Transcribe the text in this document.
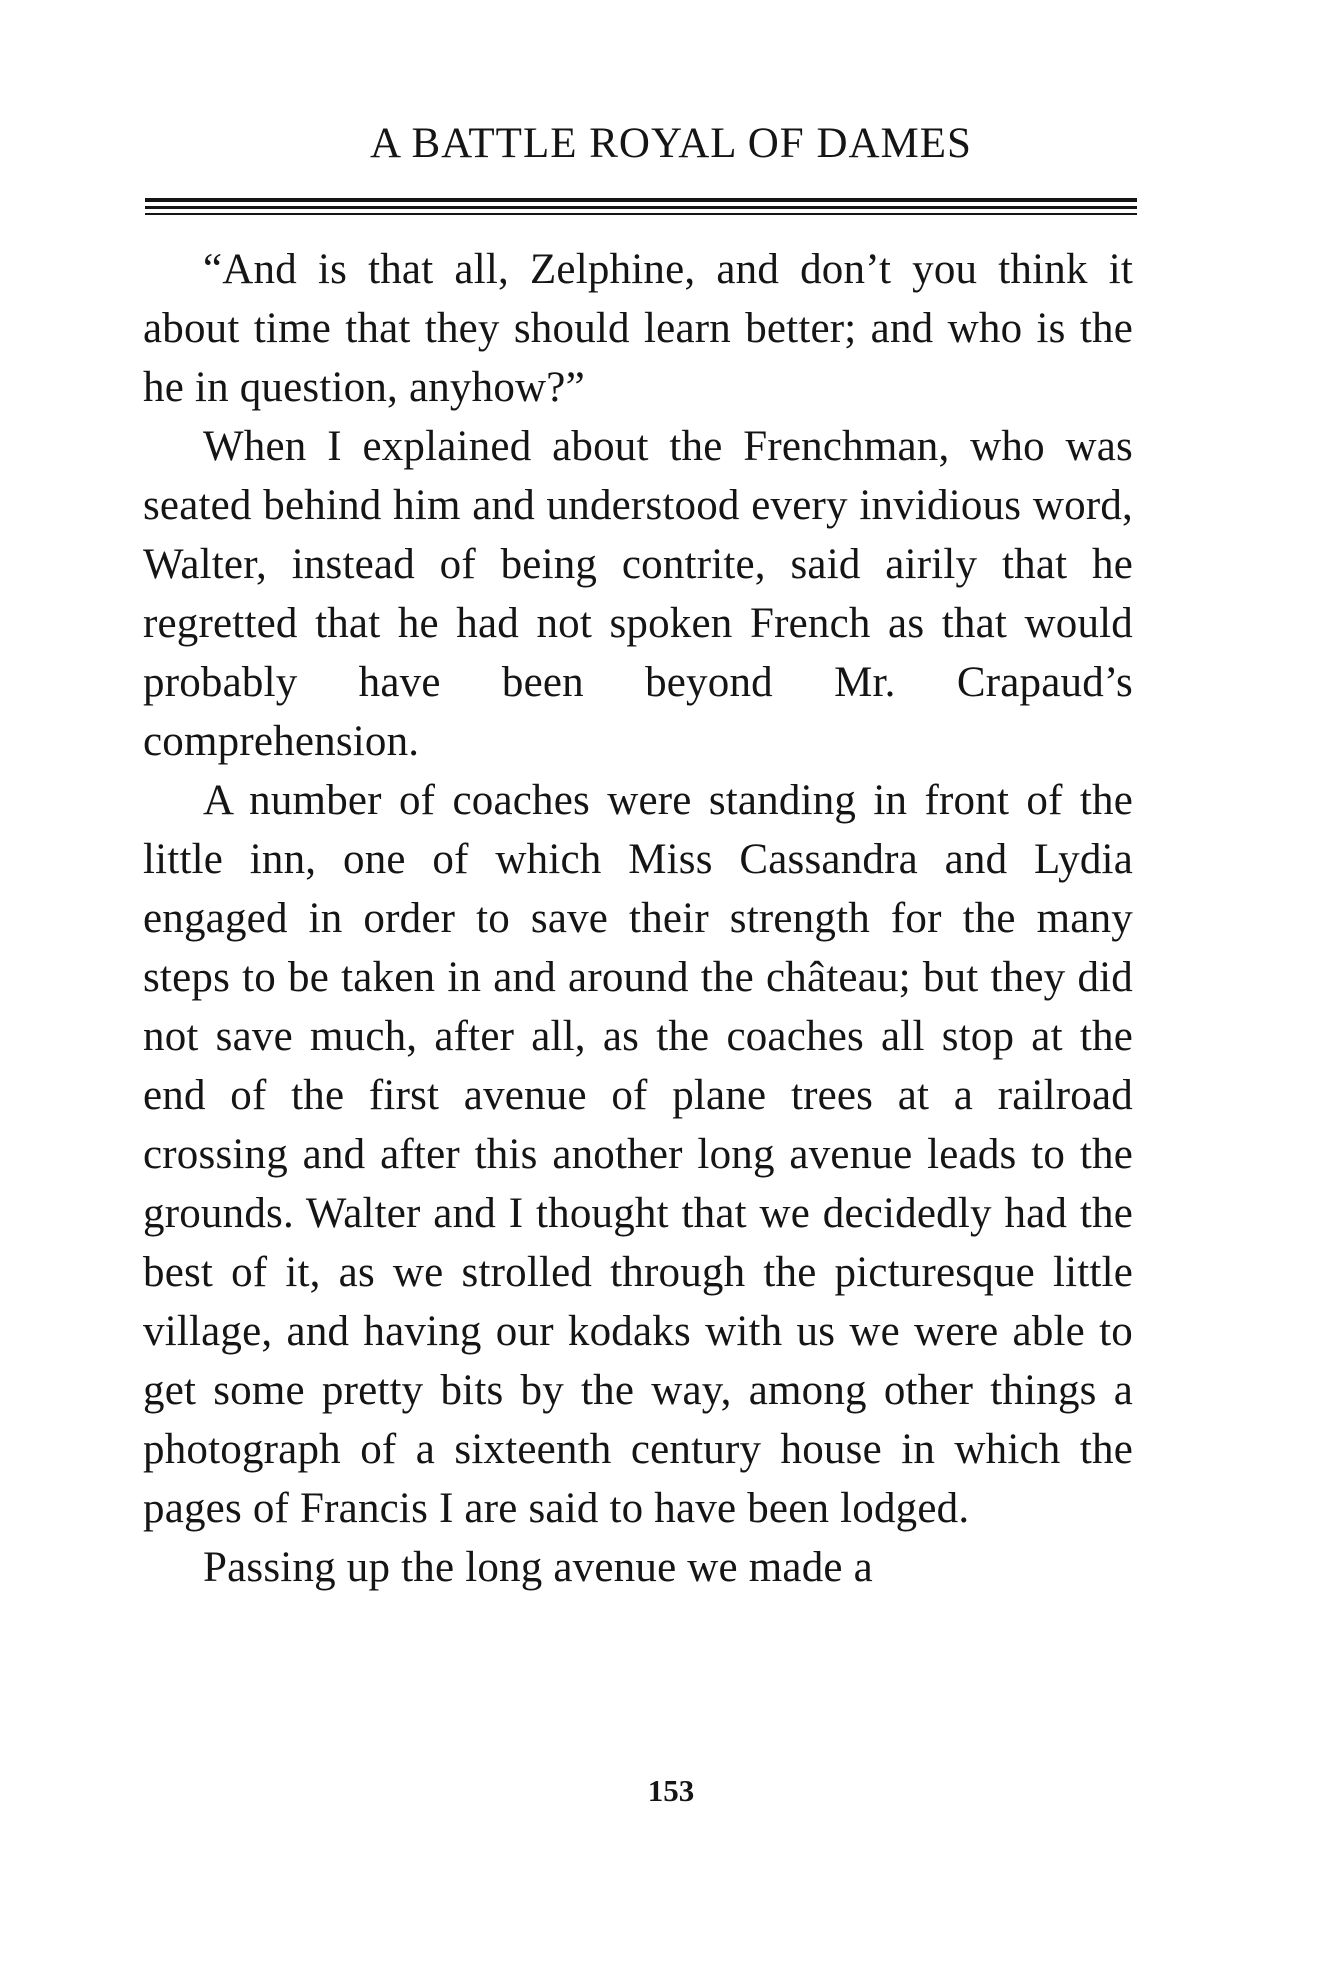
A BATTLE ROYAL OF DAMES

“And is that all, Zelphine, and don’t you think it about time that they should learn better; and who is the he in question, anyhow?”

When I explained about the Frenchman, who was seated behind him and understood every invidious word, Walter, instead of being contrite, said airily that he regretted that he had not spoken French as that would probably have been beyond Mr. Crapaud’s comprehension.

A number of coaches were standing in front of the little inn, one of which Miss Cassandra and Lydia engaged in order to save their strength for the many steps to be taken in and around the château; but they did not save much, after all, as the coaches all stop at the end of the first avenue of plane trees at a railroad crossing and after this another long avenue leads to the grounds. Walter and I thought that we decidedly had the best of it, as we strolled through the picturesque little village, and having our kodaks with us we were able to get some pretty bits by the way, among other things a photograph of a sixteenth century house in which the pages of Francis I are said to have been lodged.

Passing up the long avenue we made a

153
